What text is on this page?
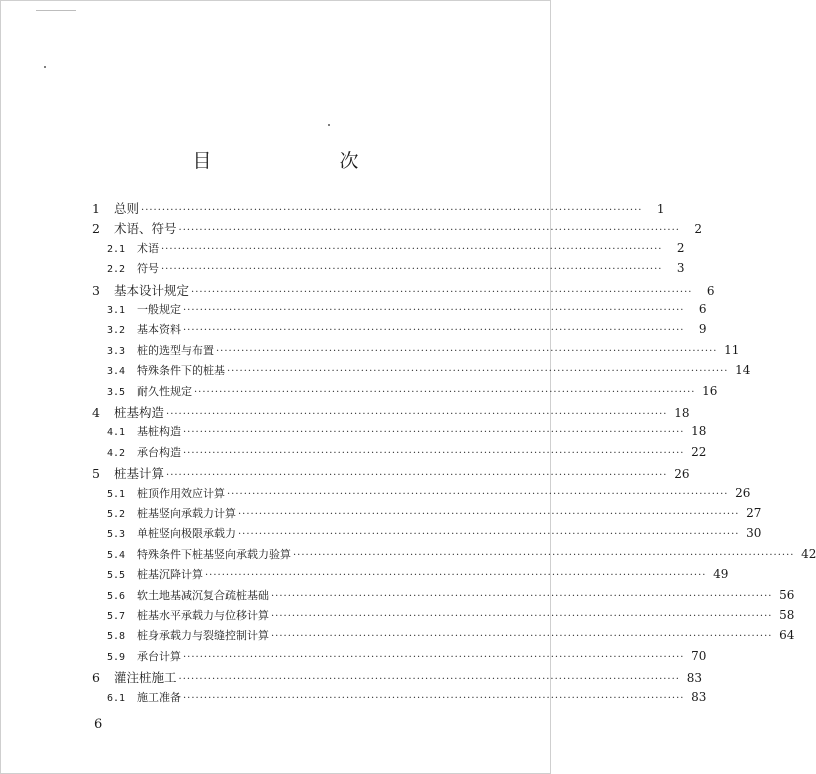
目　　次
1	总则 ························································································································	1
2	术语、符号 ························································································································	2
2.1	术语 ························································································································	2
2.2	符号 ························································································································	3
3	基本设计规定 ························································································································	6
3.1	一般规定 ························································································································	6
3.2	基本资料 ························································································································	9
3.3	桩的选型与布置 ························································································································ 11
3.4	特殊条件下的桩基 ························································································································ 14
3.5	耐久性规定 ························································································································ 16
4	桩基构造 ························································································································ 18
4.1	基桩构造 ························································································································ 18
4.2	承台构造 ························································································································ 22
5	桩基计算 ························································································································ 26
5.1	桩顶作用效应计算 ························································································································ 26
5.2	桩基竖向承载力计算 ························································································································ 27
5.3	单桩竖向极限承载力 ························································································································ 30
5.4	特殊条件下桩基竖向承载力验算 ························································································································ 42
5.5	桩基沉降计算 ························································································································ 49
5.6	软土地基减沉复合疏桩基础 ························································································································ 56
5.7	桩基水平承载力与位移计算 ························································································································ 58
5.8	桩身承载力与裂缝控制计算 ························································································································ 64
5.9	承台计算 ························································································································ 70
6	灌注桩施工 ························································································································ 83
6.1	施工准备 ························································································································ 83
6
